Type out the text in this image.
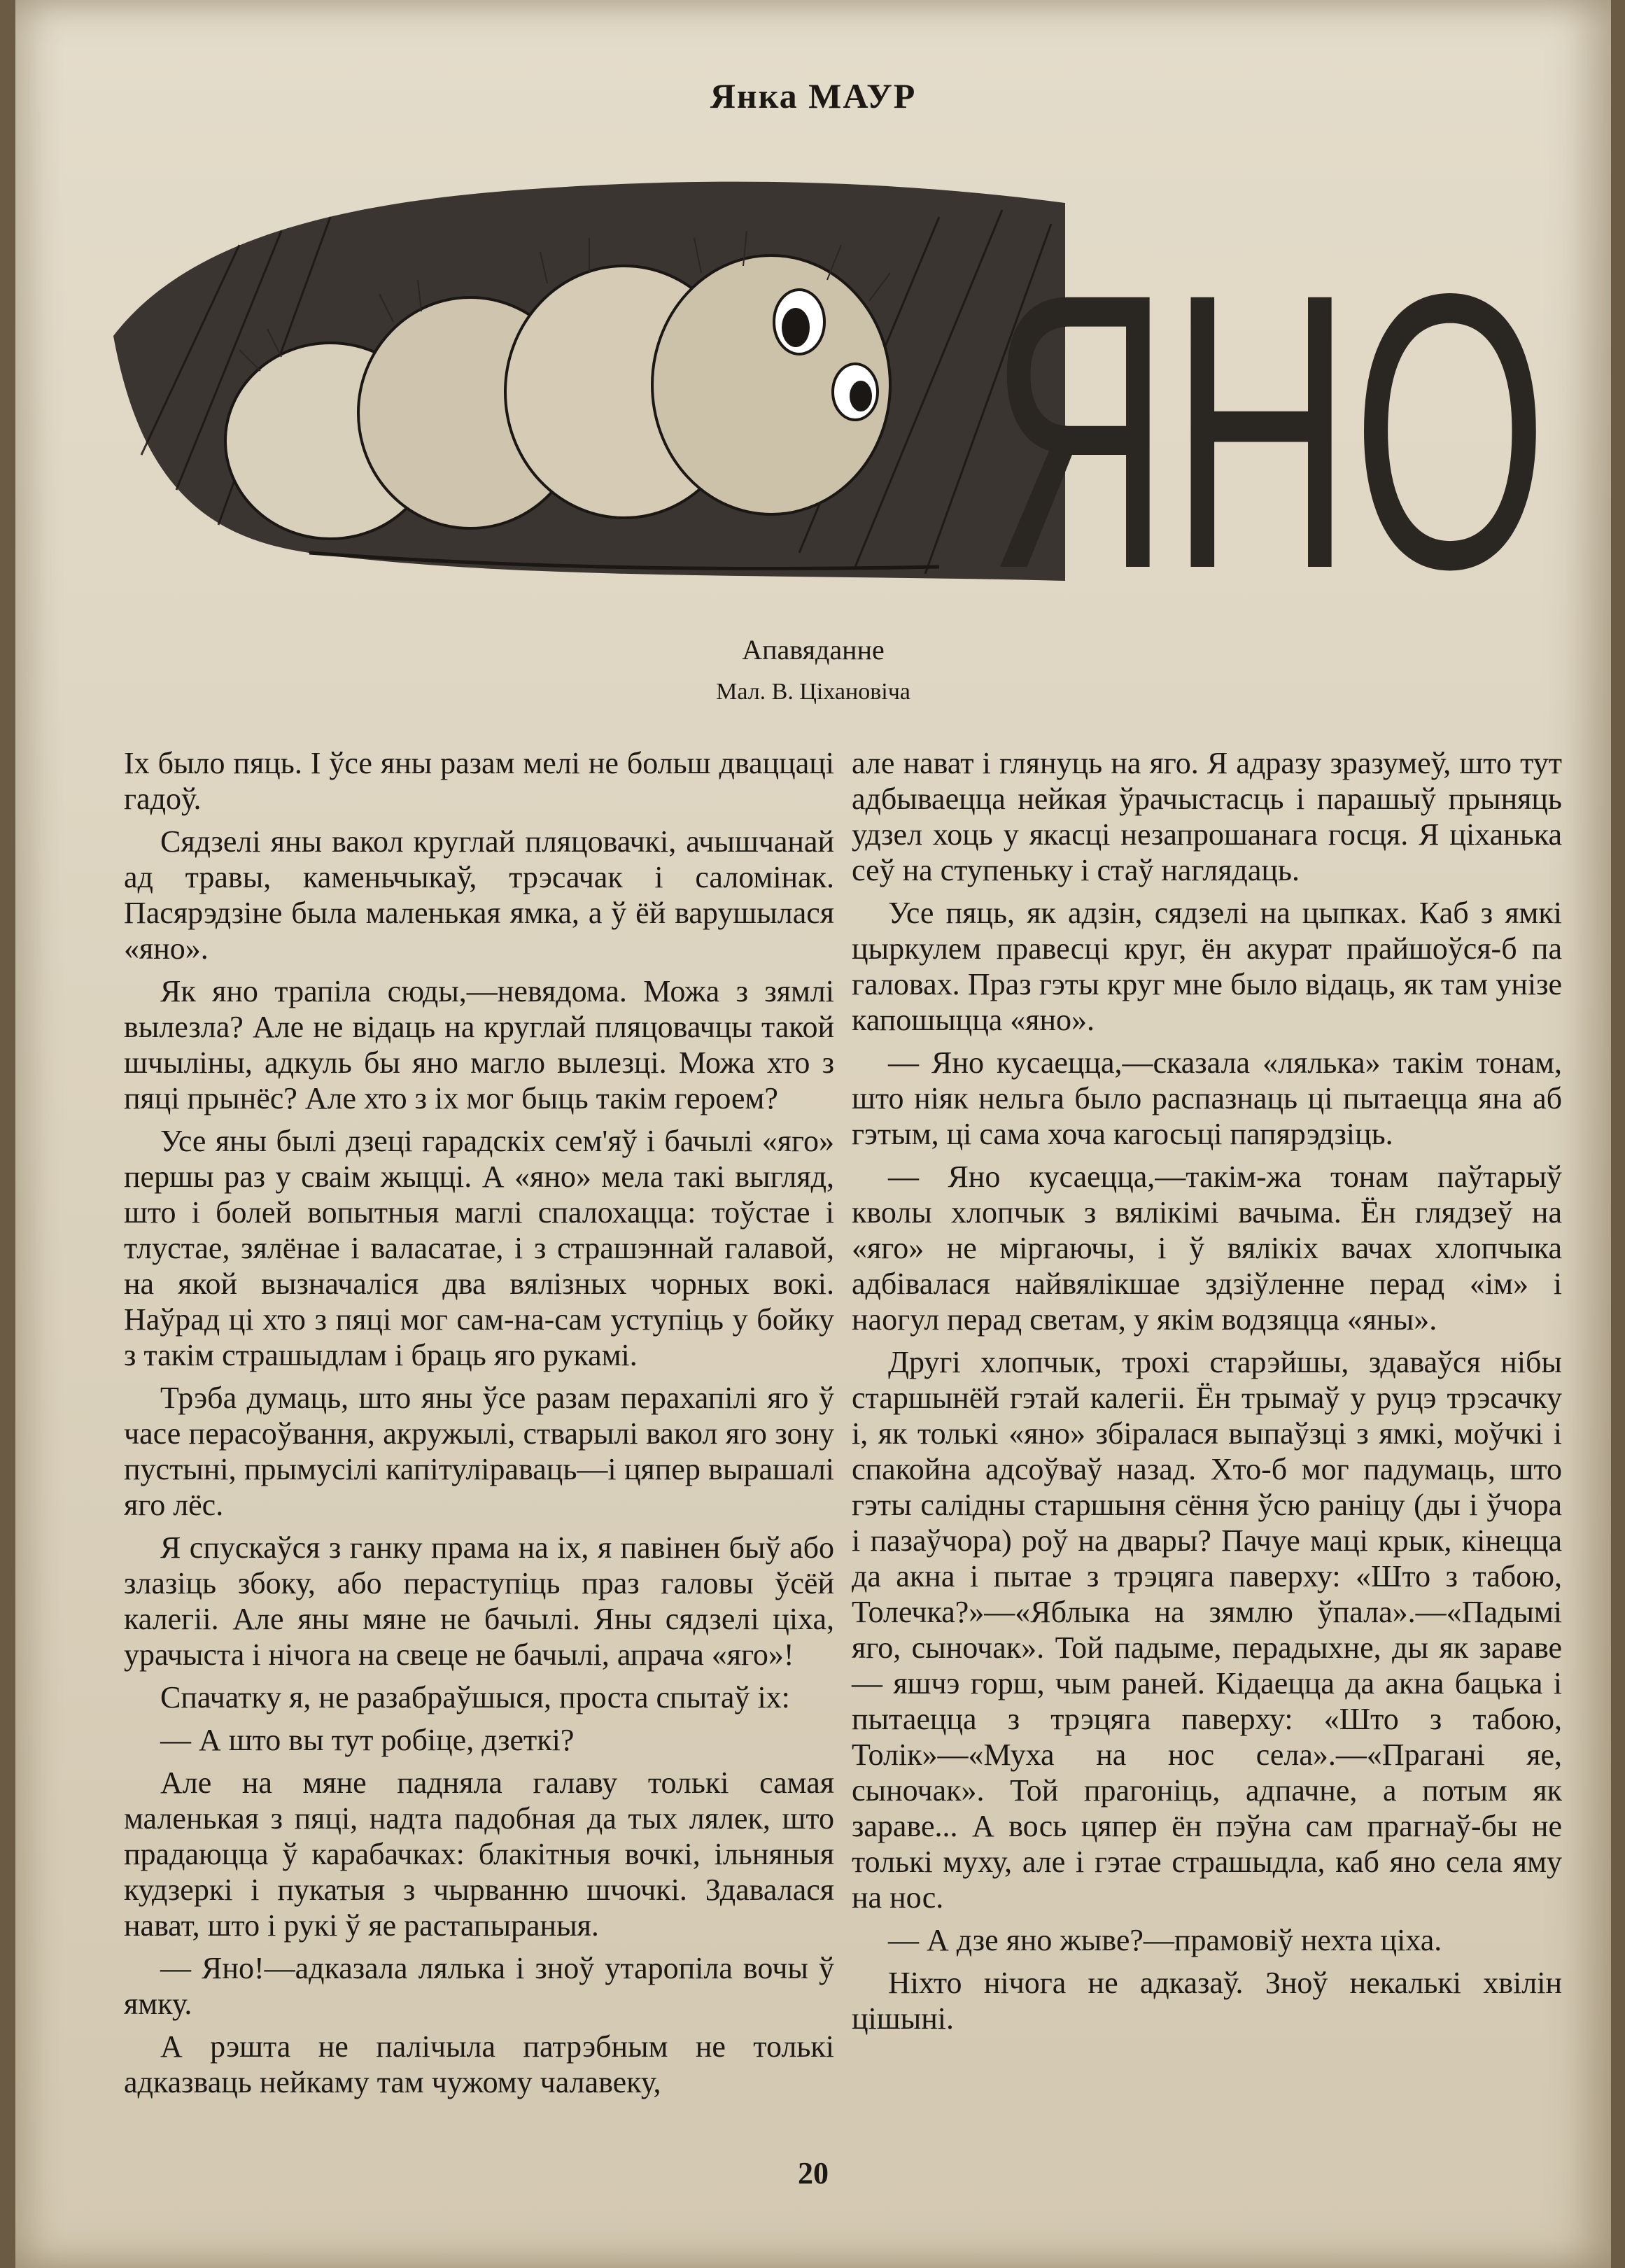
Янка МАУР
ЯНО
Апавяданне
Мал. В. Ціхановіча

Іх было пяць. І ўсе яны разам мелі не больш дваццаці гадоў.

Сядзелі яны вакол круглай пляцовачкі, ачышчанай ад травы, каменьчыкаў, трэсачак і саломінак. Пасярэдзіне была маленькая ямка, а ў ёй варушылася «яно».

Як яно трапіла сюды,—невядома. Можа з зямлі вылезла? Але не відаць на круглай пляцовачцы такой шчыліны, адкуль бы яно магло вылезці. Можа хто з пяці прынёс? Але хто з іх мог быць такім героем?

Усе яны былі дзеці гарадскіх сем'яў і бачылі «яго» першы раз у сваім жыцці. А «яно» мела такі выгляд, што і болей вопытныя маглі спалохацца: тоўстае і тлустае, зялёнае і валасатае, і з страшэннай галавой, на якой вызначаліся два вялізных чорных вокі. Наўрад ці хто з пяці мог сам-на-сам уступіць у бойку з такім страшыдлам і браць яго рукамі.

Трэба думаць, што яны ўсе разам перахапілі яго ў часе перасоўвання, акружылі, стварылі вакол яго зону пустыні, прымусілі капітуліраваць—і цяпер вырашалі яго лёс.

Я спускаўся з ганку прама на іх, я павінен быў або злазіць збоку, або пераступіць праз галовы ўсёй калегіі. Але яны мяне не бачылі. Яны сядзелі ціха, урачыста і нічога на свеце не бачылі, апрача «яго»!

Спачатку я, не разабраўшыся, проста спытаў іх:

— А што вы тут робіце, дзеткі?

Але на мяне падняла галаву толькі самая маленькая з пяці, надта падобная да тых лялек, што прадаюцца ў карабачках: блакітныя вочкі, ільняныя кудзеркі і пукатыя з чырванню шчочкі. Здавалася нават, што і рукі ў яе растапыраныя.

— Яно!—адказала лялька і зноў утаропіла вочы ў ямку.

А рэшта не палічыла патрэбным не толькі адказваць нейкаму там чужому чалавеку,

але нават і глянуць на яго. Я адразу зразумеў, што тут адбываецца нейкая ўрачыстасць і парашыў прыняць удзел хоць у якасці незапрошанага госця. Я ціханька сеў на ступеньку і стаў наглядаць.

Усе пяць, як адзін, сядзелі на цыпках. Каб з ямкі цыркулем правесці круг, ён акурат прайшоўся-б па галовах. Праз гэты круг мне было відаць, як там унізе капошыцца «яно».

— Яно кусаецца,—сказала «лялька» такім тонам, што ніяк нельга было распазнаць ці пытаецца яна аб гэтым, ці сама хоча кагосьці папярэдзіць.

— Яно кусаецца,—такім-жа тонам паўтарыў кволы хлопчык з вялікімі вачыма. Ён глядзеў на «яго» не міргаючы, і ў вялікіх вачах хлопчыка адбівалася найвялікшае здзіўленне перад «ім» і наогул перад светам, у якім водзяцца «яны».

Другі хлопчык, трохі старэйшы, здаваўся нібы старшынёй гэтай калегіі. Ён трымаў у руцэ трэсачку і, як толькі «яно» збіралася выпаўзці з ямкі, моўчкі і спакойна адсоўваў назад. Хто-б мог падумаць, што гэты салідны старшыня сёння ўсю раніцу (ды і ўчора і пазаўчора) роў на двары? Пачуе маці крык, кінецца да акна і пытае з трэцяга паверху: «Што з табою, Толечка?»—«Яблыка на зямлю ўпала».—«Падымі яго, сыночак». Той падыме, перадыхне, ды як зараве — яшчэ горш, чым раней. Кідаецца да акна бацька і пытаецца з трэцяга паверху: «Што з табою, Толік»—«Муха на нос села».—«Прагані яе, сыночак». Той прагоніць, адпачне, а потым як зараве... А вось цяпер ён пэўна сам прагнаў-бы не толькі муху, але і гэтае страшыдла, каб яно села яму на нос.

— А дзе яно жыве?—прамовіў нехта ціха.

Ніхто нічога не адказаў. Зноў некалькі хвілін цішыні.

20
